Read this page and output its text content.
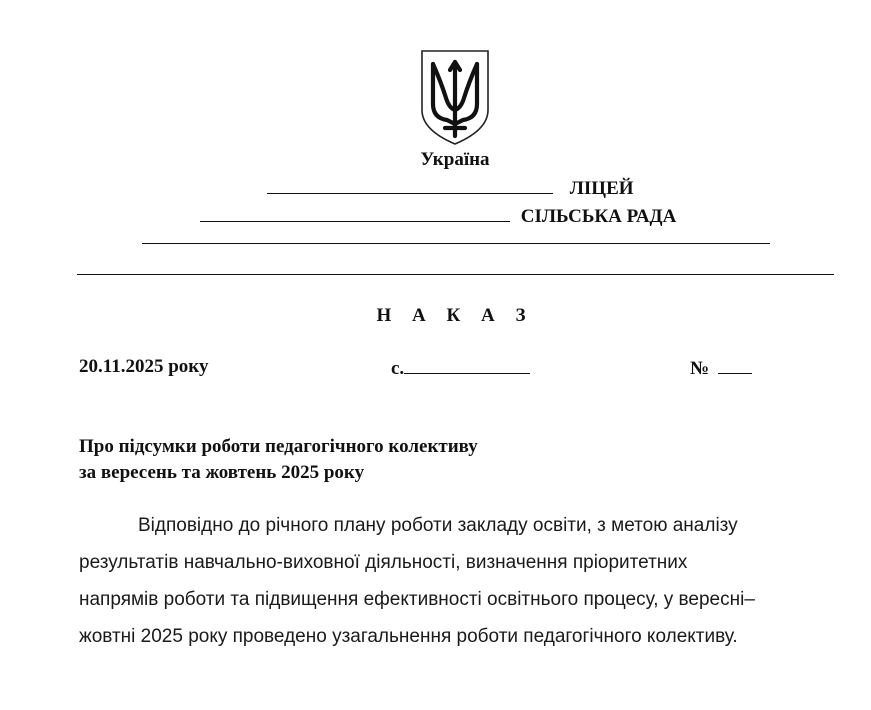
Україна
ЛІЦЕЙ
СІЛЬСЬКА РАДА
Н А К А З
20.11.2025 року	с.	№
Про підсумки роботи педагогічного колективу
за вересень та жовтень 2025 року
Відповідно до річного плану роботи закладу освіти, з метою аналізу
результатів навчально-виховної діяльності, визначення пріоритетних
напрямів роботи та підвищення ефективності освітнього процесу, у вересні–
жовтні 2025 року проведено узагальнення роботи педагогічного колективу.
